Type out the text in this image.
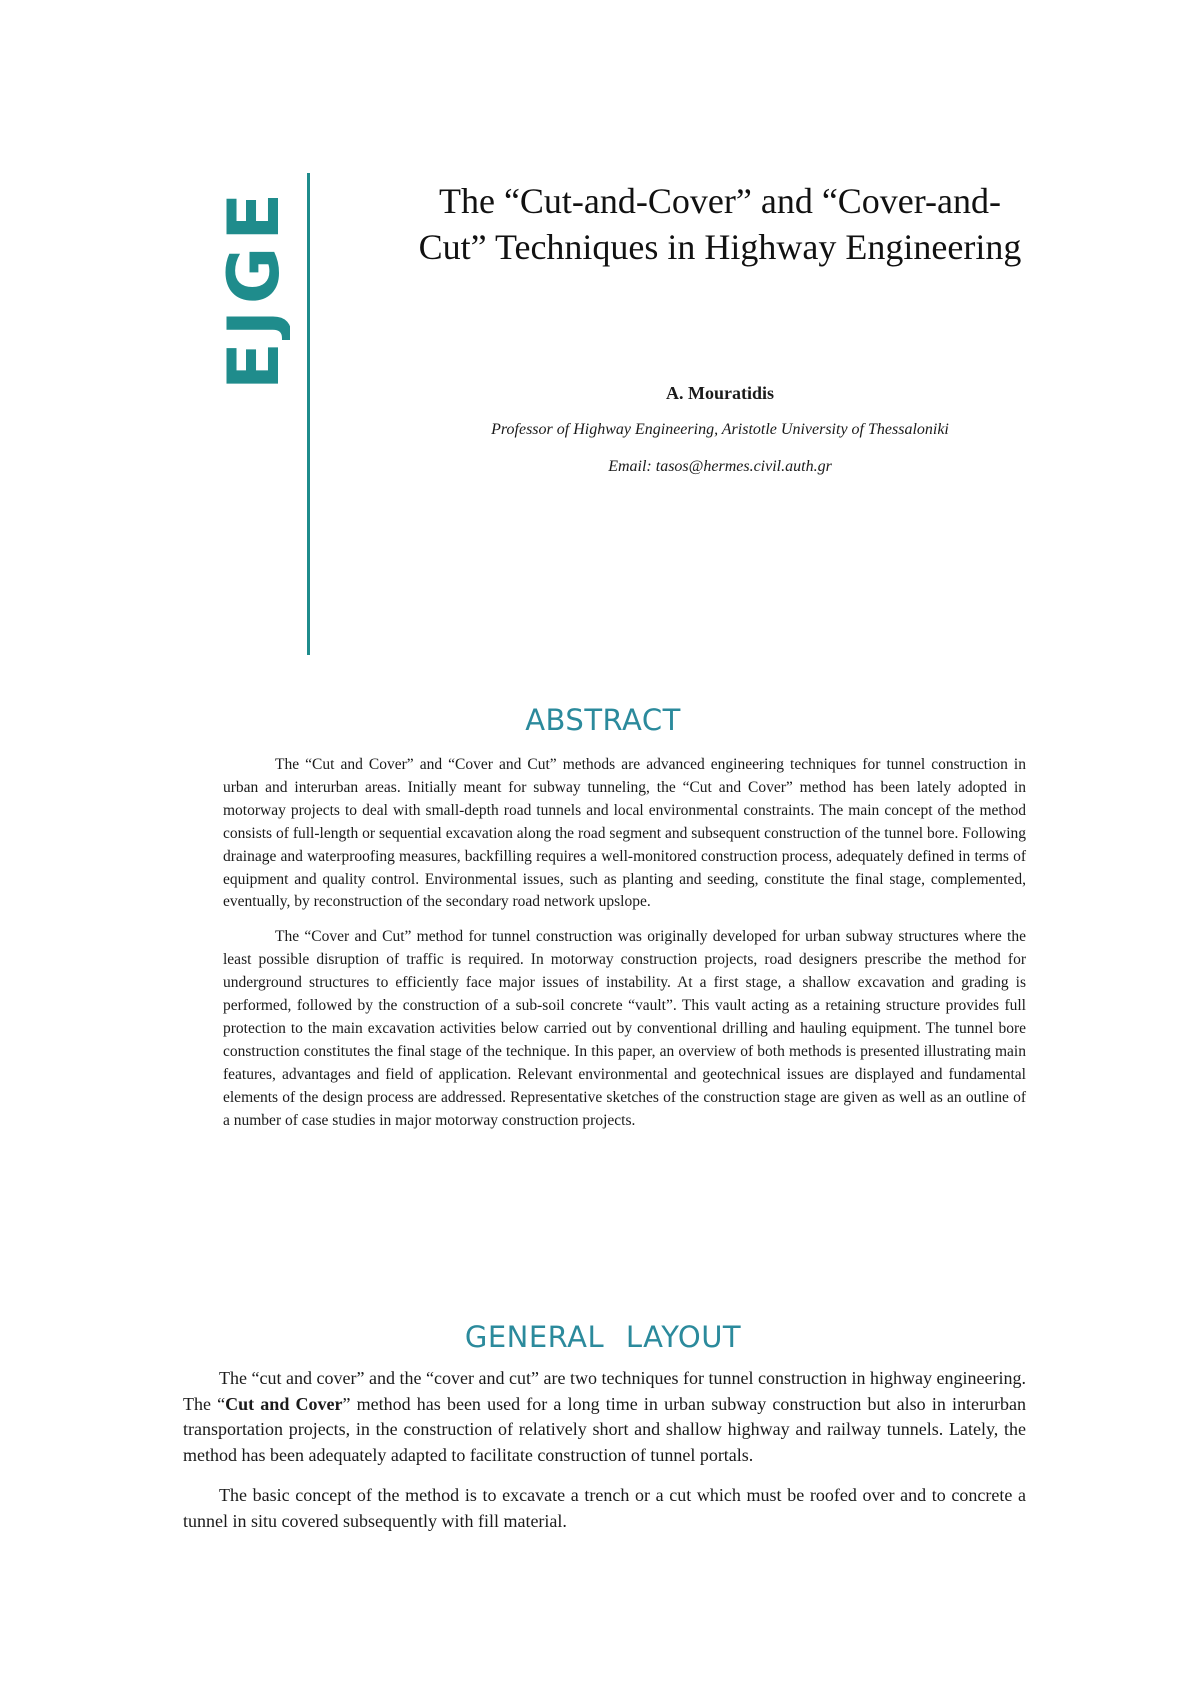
EJGE	The “Cut-and-Cover” and “Cover-and-Cut” Techniques in Highway Engineering

A. Mouratidis

Professor of Highway Engineering, Aristotle University of Thessaloniki

Email: tasos@hermes.civil.auth.gr

ABSTRACT

The “Cut and Cover” and “Cover and Cut” methods are advanced engineering techniques for tunnel construction in urban and interurban areas. Initially meant for subway tunneling, the “Cut and Cover” method has been lately adopted in motorway projects to deal with small-depth road tunnels and local environmental constraints. The main concept of the method consists of full-length or sequential excavation along the road segment and subsequent construction of the tunnel bore. Following drainage and waterproofing measures, backfilling requires a well-monitored construction process, adequately defined in terms of equipment and quality control. Environmental issues, such as planting and seeding, constitute the final stage, complemented, eventually, by reconstruction of the secondary road network upslope.

The “Cover and Cut” method for tunnel construction was originally developed for urban subway structures where the least possible disruption of traffic is required. In motorway construction projects, road designers prescribe the method for underground structures to efficiently face major issues of instability. At a first stage, a shallow excavation and grading is performed, followed by the construction of a sub-soil concrete “vault”. This vault acting as a retaining structure provides full protection to the main excavation activities below carried out by conventional drilling and hauling equipment. The tunnel bore construction constitutes the final stage of the technique. In this paper, an overview of both methods is presented illustrating main features, advantages and field of application. Relevant environmental and geotechnical issues are displayed and fundamental elements of the design process are addressed. Representative sketches of the construction stage are given as well as an outline of a number of case studies in major motorway construction projects.

GENERAL LAYOUT

The “cut and cover” and the “cover and cut” are two techniques for tunnel construction in highway engineering. The “Cut and Cover” method has been used for a long time in urban subway construction but also in interurban transportation projects, in the construction of relatively short and shallow highway and railway tunnels. Lately, the method has been adequately adapted to facilitate construction of tunnel portals.

The basic concept of the method is to excavate a trench or a cut which must be roofed over and to concrete a tunnel in situ covered subsequently with fill material.
